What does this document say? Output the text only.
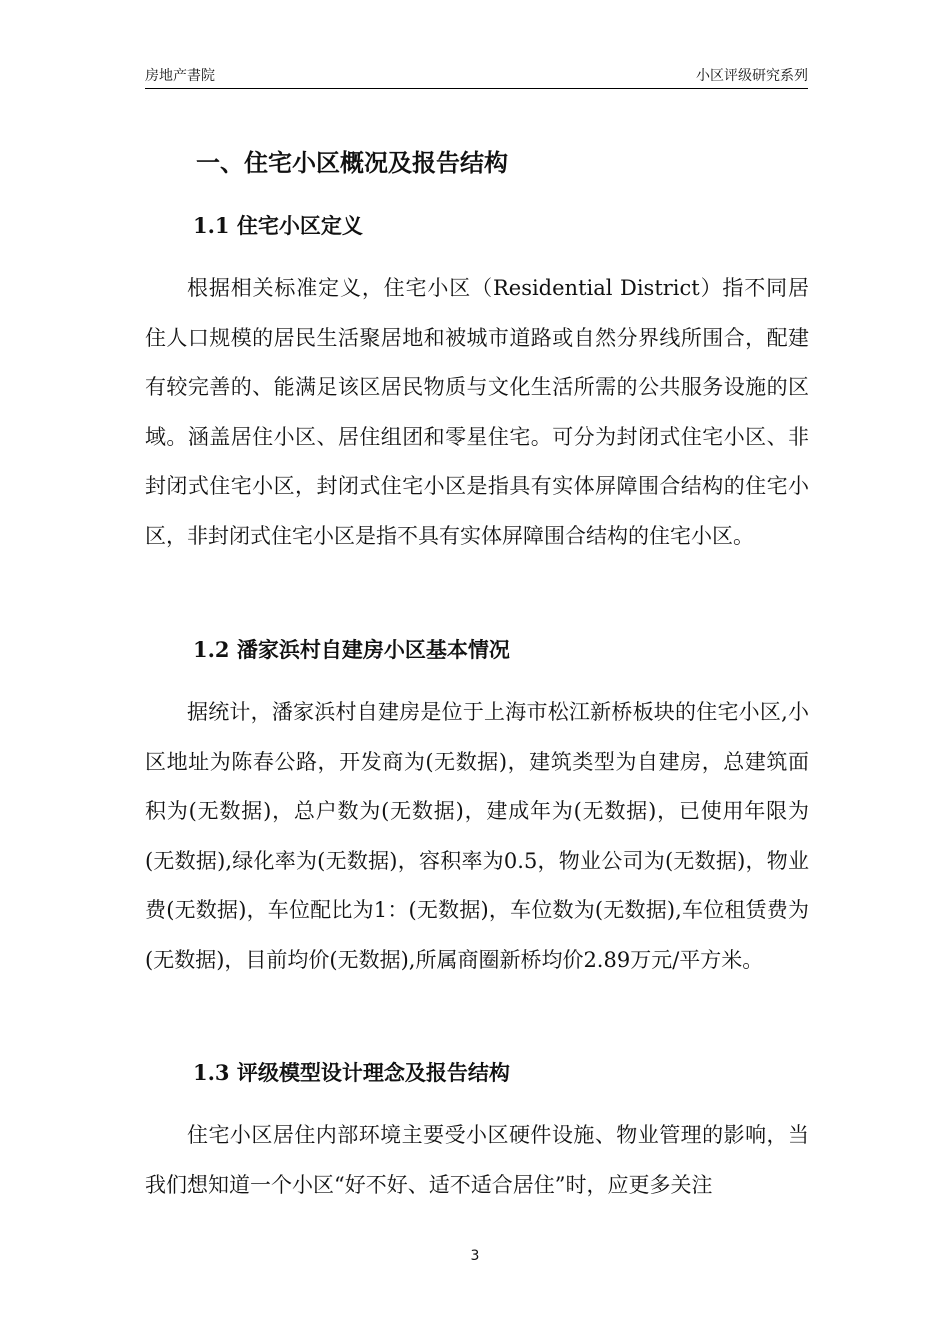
房地产書院	小区评级研究系列
一、住宅小区概况及报告结构
1.1 住宅小区定义

根据相关标准定义，住宅小区（Residential District）指不同居住人口规模的居民生活聚居地和被城市道路或自然分界线所围合，配建有较完善的、能满足该区居民物质与文化生活所需的公共服务设施的区域。涵盖居住小区、居住组团和零星住宅。可分为封闭式住宅小区、非封闭式住宅小区，封闭式住宅小区是指具有实体屏障围合结构的住宅小区，非封闭式住宅小区是指不具有实体屏障围合结构的住宅小区。

1.2 潘家浜村自建房小区基本情况

据统计，潘家浜村自建房是位于上海市松江新桥板块的住宅小区,小区地址为陈春公路，开发商为(无数据)，建筑类型为自建房，总建筑面积为(无数据)，总户数为(无数据)，建成年为(无数据)，已使用年限为(无数据),绿化率为(无数据)，容积率为0.5，物业公司为(无数据)，物业费(无数据)，车位配比为1：(无数据)，车位数为(无数据),车位租赁费为(无数据)，目前均价(无数据),所属商圈新桥均价2.89万元/平方米。

1.3 评级模型设计理念及报告结构

住宅小区居住内部环境主要受小区硬件设施、物业管理的影响，当我们想知道一个小区“好不好、适不适合居住”时，应更多关注

3
